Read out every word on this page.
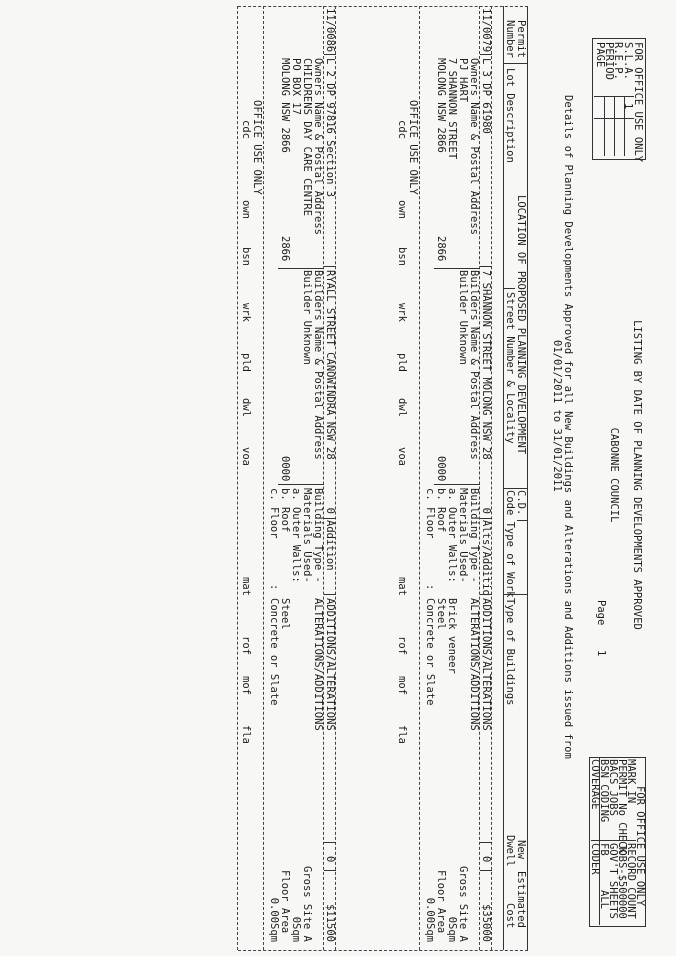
FOR OFFICE USE ONLY
S.L.A.
1
R.E.P.
PERIOD
PAGE
LISTING BY DATE OF PLANNING DEVELOPMENTS APPROVED
CABONNE COUNCIL
Page
1
Details of Planning Developments Approved for all New Buildings and Alterations and Additions issued from
01/01/2011 to 31/01/2011
FOR OFFICE USE ONLY
MARK IN
PERMIT No CHECK
BACS JOBS
BSN CODING
COVERAGE
RECORD COUNT
JOBS-$500000
GOV'T SHEETS
FB
ALL
CODER
Permit
Number
Lot Description
LOCATION OF PROPOSED PLANNING DEVELOPMENT
Street Number & Locality
C.D.
Code Type of Work
Type of Buildings
New
Dwell
Estimated
Cost
11/0079
L 3 DP 61980
7 SHANNON STREET MOLONG NSW 28
0
Alts/Additio
ADDITIONS/ALTERATIONS
0
$35000
Owners Name & Postal Address
PJ HART
7 SHANNON STREET
MOLONG NSW 2866
2866
Builders Name & Postal Address
Builder Unknown
0000
Building Type -
ALTERATIONS/ADDITIONS
Materials Used-
a. Outer Walls:
Brick veneer
b. Roof
Steel
c. Floor
:
Concrete or Slate
Gross Site A
0Sqm
Floor Area
0.00Sqm
OFFICE USE ONLY
cdc
own
bsn
wrk
pld
dwl
voa
mat
rof
mof
fla
11/0086
L 2 DP 97816 Section 3
RYALL STREET CANOWINDRA NSW 28
0
Addition
ADDITIONS/ALTERATIONS
0
$11500
Owners Name & Postal Address
CHILDRENS DAY CARE CENTRE
PO BOX 17
MOLONG NSW 2866
2866
Builders Name & Postal Address
Builder Unknown
0000
Building Type -
ALTERATIONS/ADDITIONS
Materials Used-
a. Outer Walls:
b. Roof
Steel
c. Floor
:
Concrete or Slate
Gross Site A
0Sqm
Floor Area
0.00Sqm
OFFICE USE ONLY
cdc
own
bsn
wrk
pld
dwl
voa
mat
rof
mof
fla
